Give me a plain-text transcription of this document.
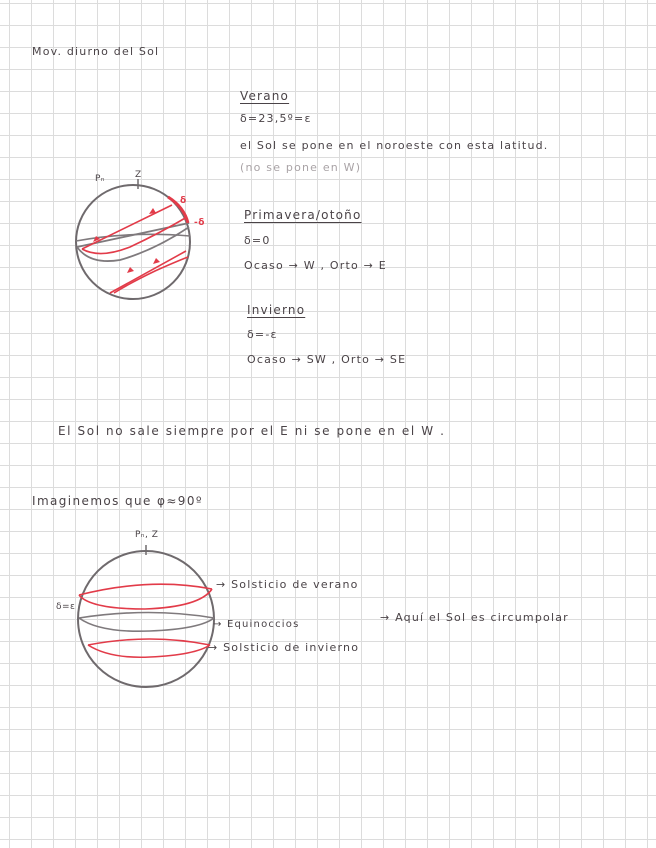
Mov. diurno del Sol
Pₙ	Z
δ
-δ
Verano
δ=23,5º=ε
el Sol se pone en el noroeste con esta latitud.
(no se pone en W)
Primavera/otoño
δ=0
Ocaso → W , Orto → E
Invierno
δ=-ε
Ocaso → SW , Orto → SE
El Sol no sale siempre por el E ni se pone en el W .
Imaginemos que φ≈90º
Pₙ, Z
δ=ε
→ Solsticio de verano
→ Equinoccios
→ Solsticio de invierno
→ Aquí el Sol es circumpolar
